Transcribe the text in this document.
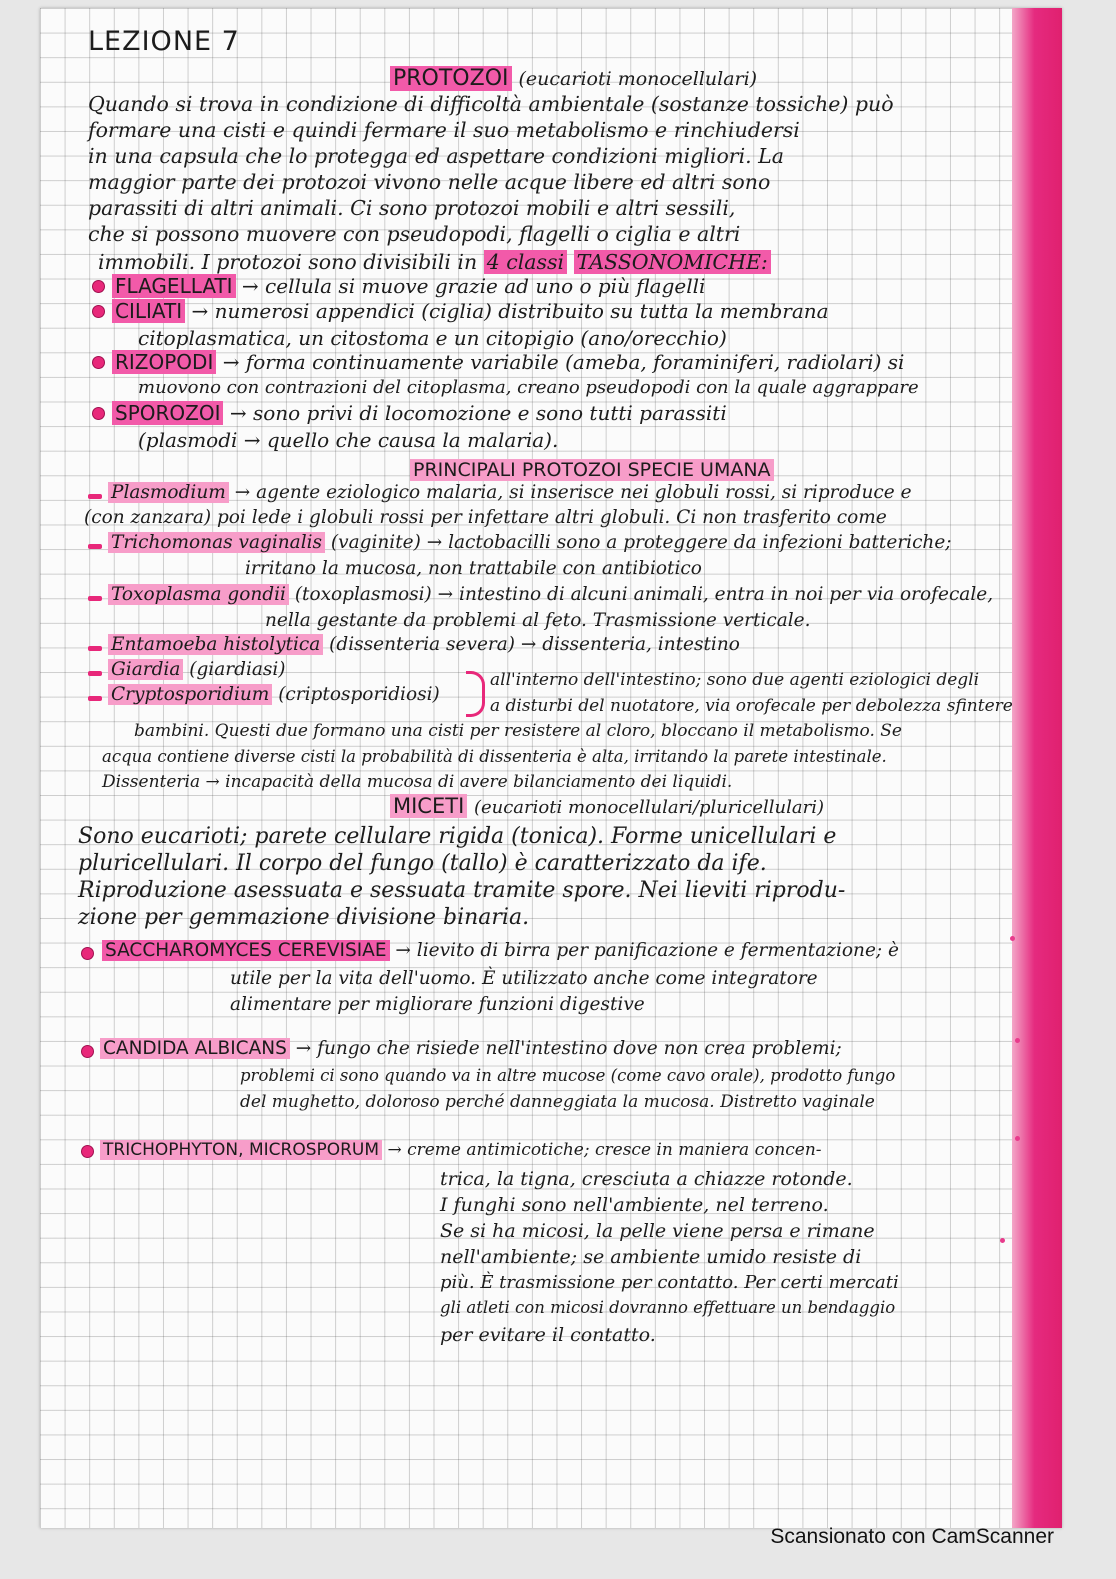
LEZIONE 7
PROTOZOI (eucarioti monocellulari)
Quando si trova in condizione di difficoltà ambientale (sostanze tossiche) può
formare una cisti e quindi fermare il suo metabolismo e rinchiudersi
in una capsula che lo protegga ed aspettare condizioni migliori. La
maggior parte dei protozoi vivono nelle acque libere ed altri sono
parassiti di altri animali. Ci sono protozoi mobili e altri sessili,
che si possono muovere con pseudopodi, flagelli o ciglia e altri
immobili. I protozoi sono divisibili in 4 classi TASSONOMICHE:
FLAGELLATI → cellula si muove grazie ad uno o più flagelli
CILIATI → numerosi appendici (ciglia) distribuito su tutta la membrana
citoplasmatica, un citostoma e un citopigio (ano/orecchio)
RIZOPODI → forma continuamente variabile (ameba, foraminiferi, radiolari) si
muovono con contrazioni del citoplasma, creano pseudopodi con la quale aggrappare
SPOROZOI → sono privi di locomozione e sono tutti parassiti
(plasmodi → quello che causa la malaria).
PRINCIPALI PROTOZOI SPECIE UMANA
Plasmodium → agente eziologico malaria, si inserisce nei globuli rossi, si riproduce e
(con zanzara) poi lede i globuli rossi per infettare altri globuli. Ci non trasferito come
Trichomonas vaginalis (vaginite) → lactobacilli sono a proteggere da infezioni batteriche;
irritano la mucosa, non trattabile con antibiotico
Toxoplasma gondii (toxoplasmosi) → intestino di alcuni animali, entra in noi per via orofecale,
nella gestante da problemi al feto. Trasmissione verticale.
Entamoeba histolytica (dissenteria severa) → dissenteria, intestino
Giardia (giardiasi)
Cryptosporidium (criptosporidiosi)
all'interno dell'intestino; sono due agenti eziologici degli
a disturbi del nuotatore, via orofecale per debolezza sfintere
bambini. Questi due formano una cisti per resistere al cloro, bloccano il metabolismo. Se
acqua contiene diverse cisti la probabilità di dissenteria è alta, irritando la parete intestinale.
Dissenteria → incapacità della mucosa di avere bilanciamento dei liquidi.
MICETI (eucarioti monocellulari/pluricellulari)
Sono eucarioti; parete cellulare rigida (tonica). Forme unicellulari e
pluricellulari. Il corpo del fungo (tallo) è caratterizzato da ife.
Riproduzione asessuata e sessuata tramite spore. Nei lieviti riprodu-
zione per gemmazione divisione binaria.
SACCHAROMYCES CEREVISIAE → lievito di birra per panificazione e fermentazione; è
utile per la vita dell'uomo. È utilizzato anche come integratore
alimentare per migliorare funzioni digestive
CANDIDA ALBICANS → fungo che risiede nell'intestino dove non crea problemi;
problemi ci sono quando va in altre mucose (come cavo orale), prodotto fungo
del mughetto, doloroso perché danneggiata la mucosa. Distretto vaginale
TRICHOPHYTON, MICROSPORUM → creme antimicotiche; cresce in maniera concen-
trica, la tigna, cresciuta a chiazze rotonde.
I funghi sono nell'ambiente, nel terreno.
Se si ha micosi, la pelle viene persa e rimane
nell'ambiente; se ambiente umido resiste di
più. È trasmissione per contatto. Per certi mercati
gli atleti con micosi dovranno effettuare un bendaggio
per evitare il contatto.
Scansionato con CamScanner
